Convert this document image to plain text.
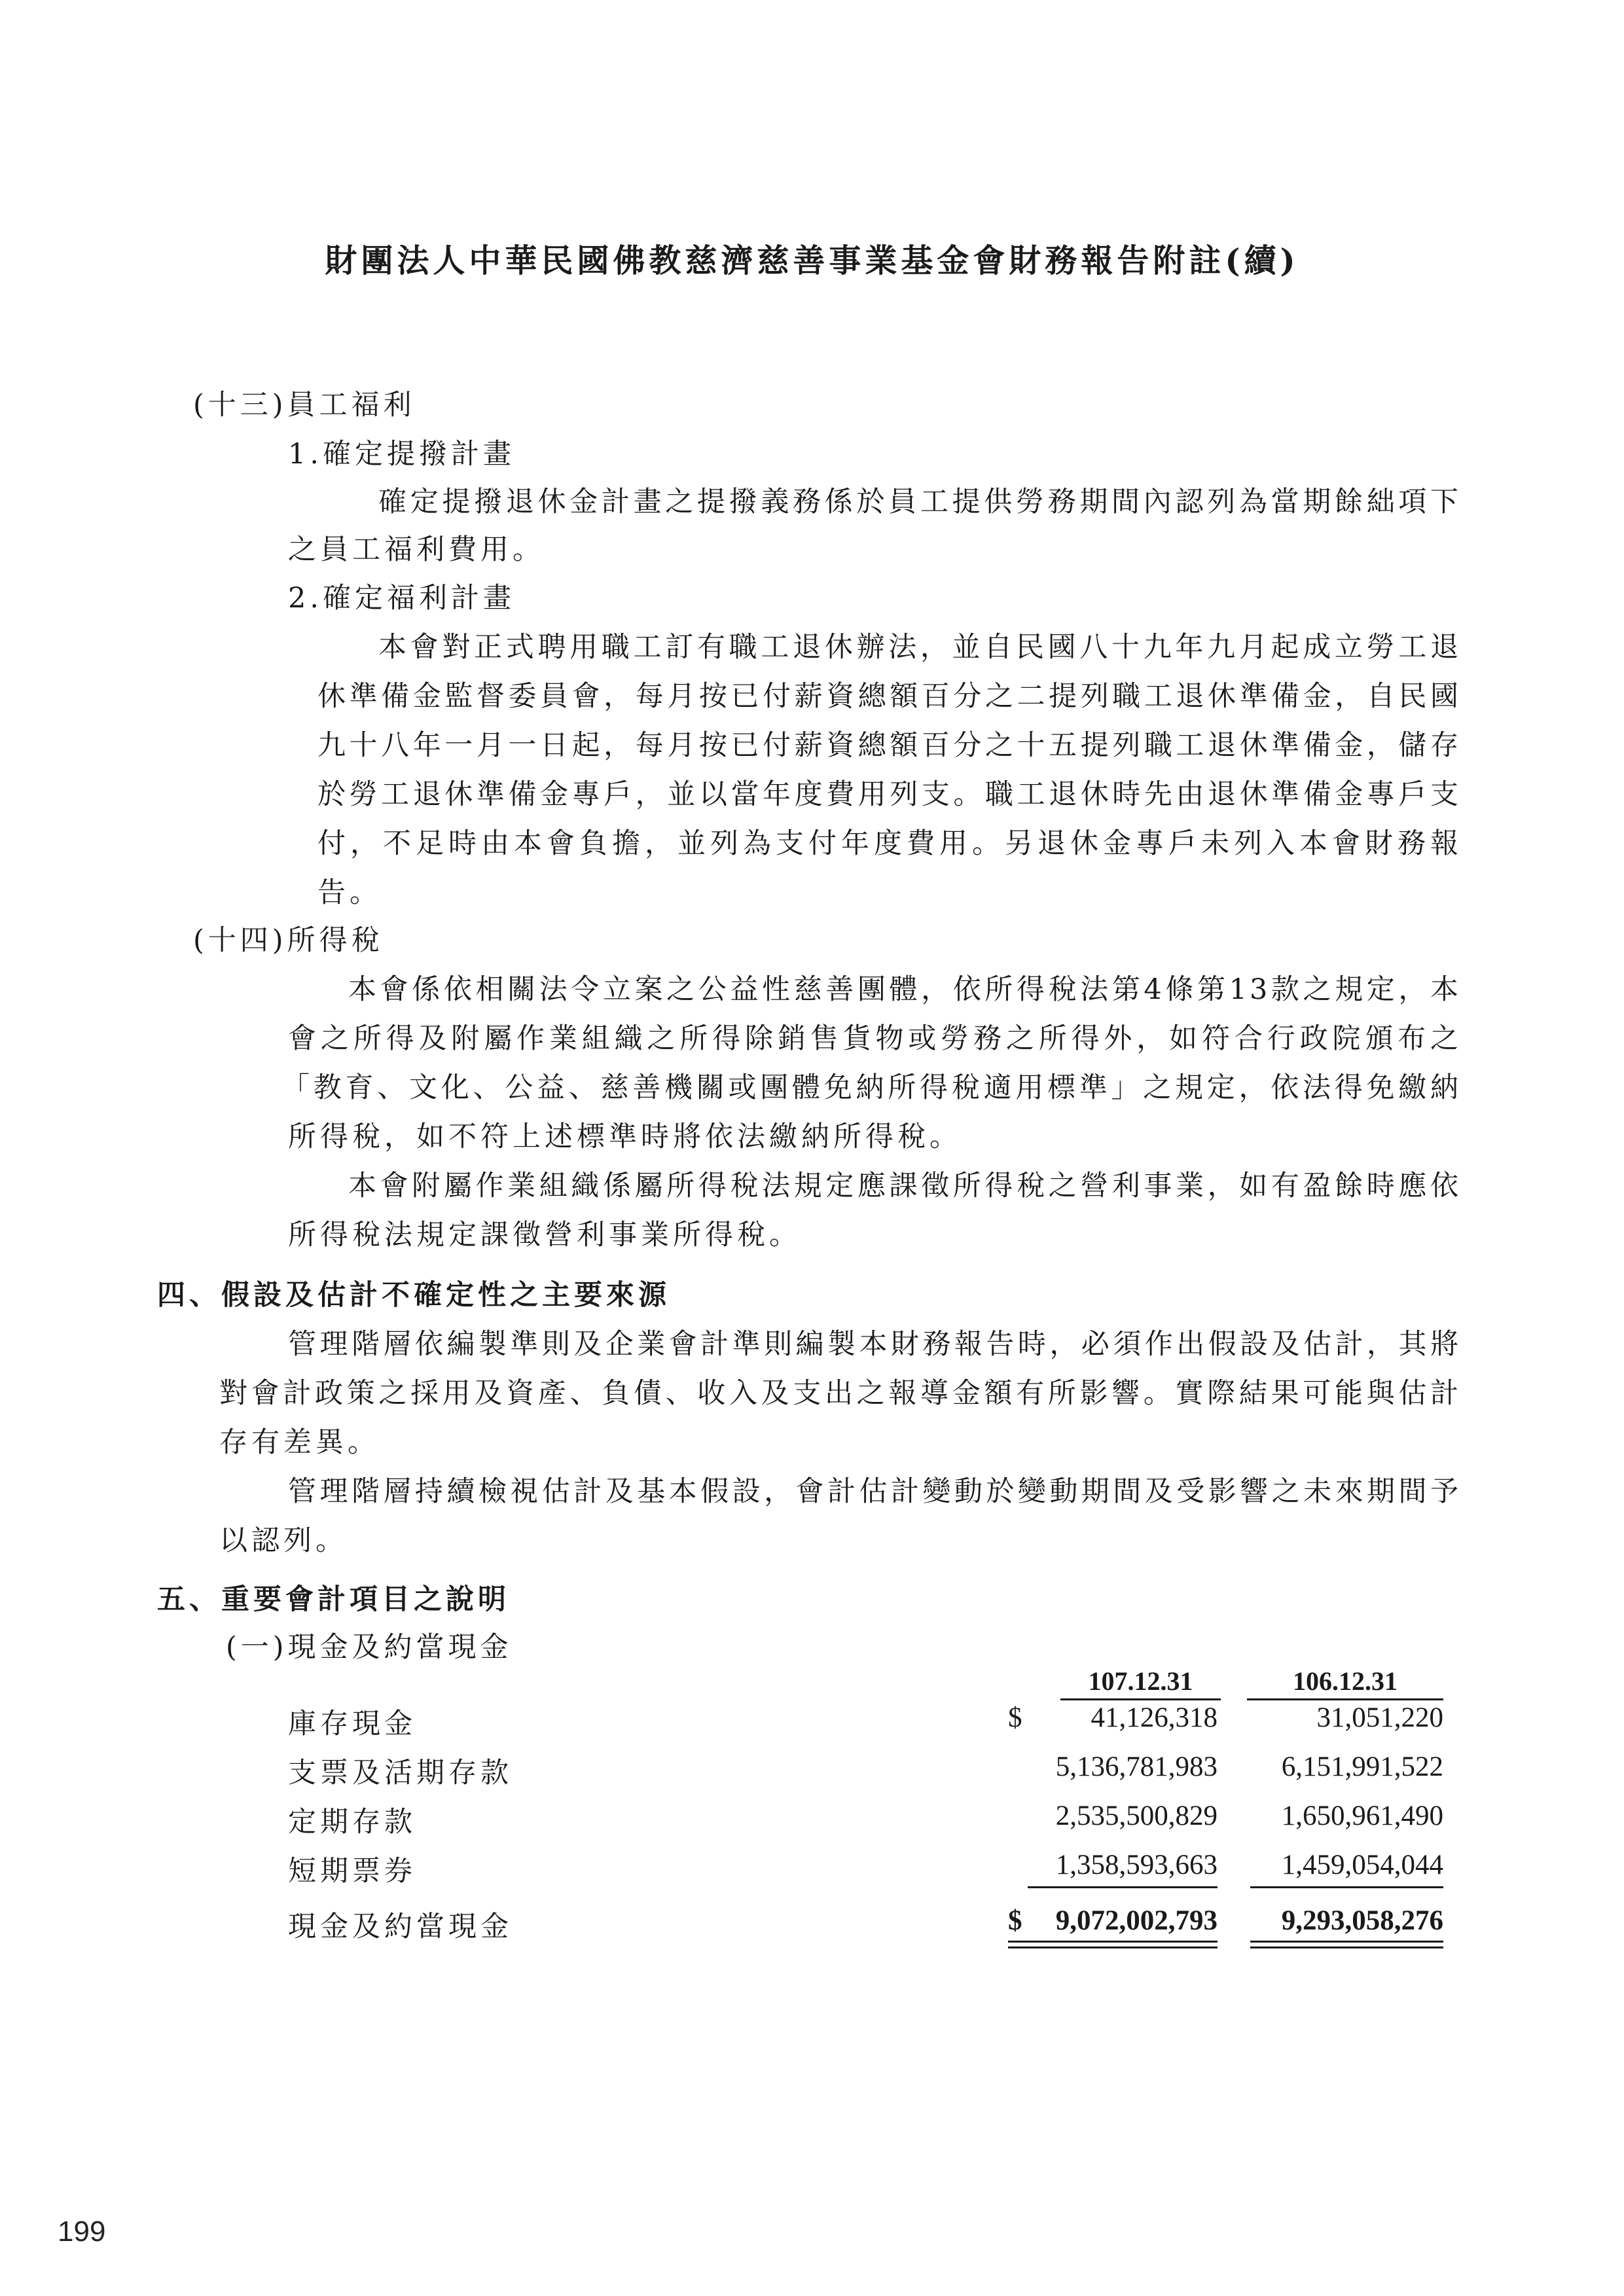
財團法人中華民國佛教慈濟慈善事業基金會財務報告附註(續)
(十三)員工福利
1.確定提撥計畫
確定提撥退休金計畫之提撥義務係於員工提供勞務期間內認列為當期餘絀項下
之員工福利費用。
2.確定福利計畫
本會對正式聘用職工訂有職工退休辦法，並自民國八十九年九月起成立勞工退
休準備金監督委員會，每月按已付薪資總額百分之二提列職工退休準備金，自民國
九十八年一月一日起，每月按已付薪資總額百分之十五提列職工退休準備金，儲存
於勞工退休準備金專戶，並以當年度費用列支。職工退休時先由退休準備金專戶支
付，不足時由本會負擔，並列為支付年度費用。另退休金專戶未列入本會財務報
告。
(十四)所得稅
本會係依相關法令立案之公益性慈善團體，依所得稅法第4條第13款之規定，本
會之所得及附屬作業組織之所得除銷售貨物或勞務之所得外，如符合行政院頒布之
「教育、文化、公益、慈善機關或團體免納所得稅適用標準」之規定，依法得免繳納
所得稅，如不符上述標準時將依法繳納所得稅。
本會附屬作業組織係屬所得稅法規定應課徵所得稅之營利事業，如有盈餘時應依
所得稅法規定課徵營利事業所得稅。
四、假設及估計不確定性之主要來源
管理階層依編製準則及企業會計準則編製本財務報告時，必須作出假設及估計，其將
對會計政策之採用及資產、負債、收入及支出之報導金額有所影響。實際結果可能與估計
存有差異。
管理階層持續檢視估計及基本假設，會計估計變動於變動期間及受影響之未來期間予
以認列。
五、重要會計項目之說明
(一)現金及約當現金
107.12.31	106.12.31
庫存現金	$	41,126,318	31,051,220
支票及活期存款	5,136,781,983	6,151,991,522
定期存款	2,535,500,829	1,650,961,490
短期票券	1,358,593,663	1,459,054,044
現金及約當現金	$	9,072,002,793	9,293,058,276
199
